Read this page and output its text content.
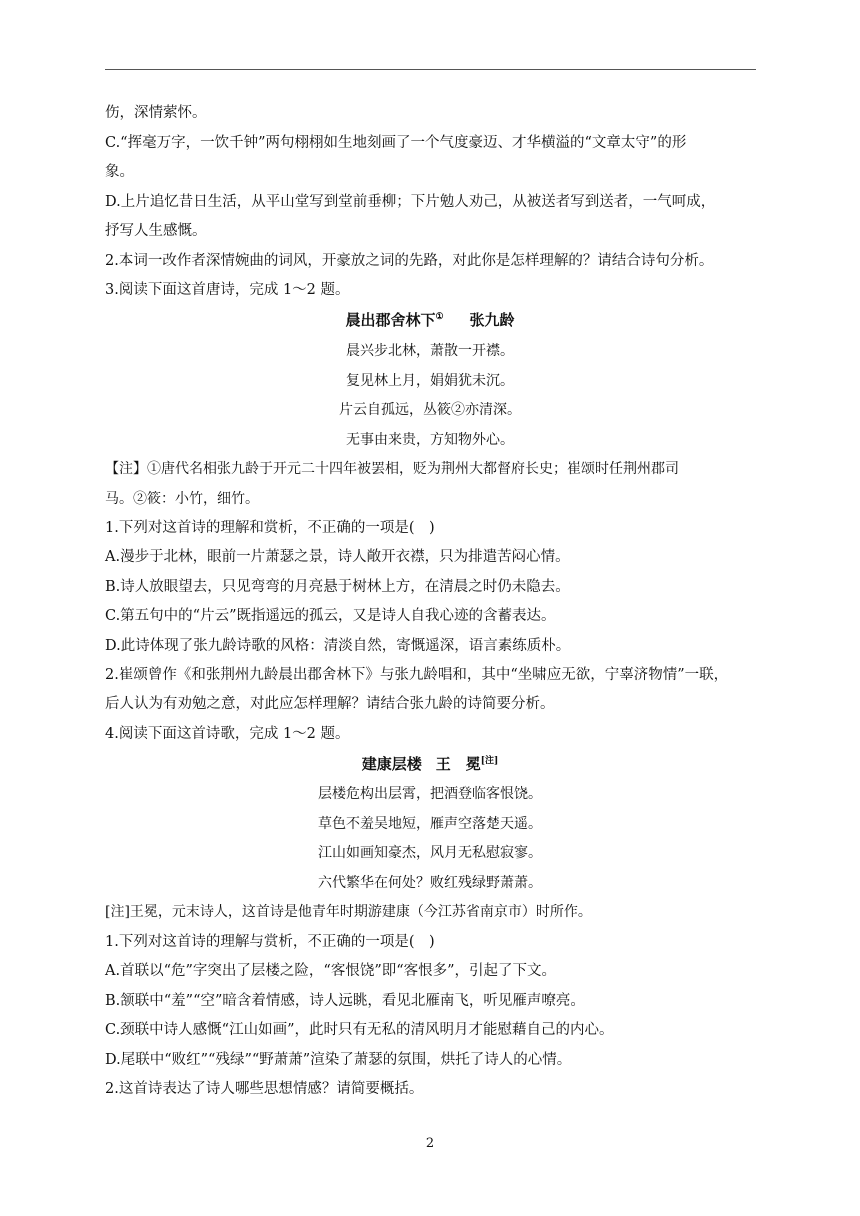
伤，深情萦怀。
C.“挥毫万字，一饮千钟”两句栩栩如生地刻画了一个气度豪迈、才华横溢的“文章太守”的形
象。
D.上片追忆昔日生活，从平山堂写到堂前垂柳；下片勉人劝己，从被送者写到送者，一气呵成，
抒写人生感慨。
2.本词一改作者深情婉曲的词风，开豪放之词的先路，对此你是怎样理解的？请结合诗句分析。
3.阅读下面这首唐诗，完成 1～2 题。
晨出郡舍林下① 张九龄
晨兴步北林，萧散一开襟。
复见林上月，娟娟犹未沉。
片云自孤远，丛筱②亦清深。
无事由来贵，方知物外心。
【注】①唐代名相张九龄于开元二十四年被罢相，贬为荆州大都督府长史；崔颂时任荆州郡司
马。②筱：小竹，细竹。
1.下列对这首诗的理解和赏析，不正确的一项是(　)
A.漫步于北林，眼前一片萧瑟之景，诗人敞开衣襟，只为排遣苦闷心情。
B.诗人放眼望去，只见弯弯的月亮悬于树林上方，在清晨之时仍未隐去。
C.第五句中的“片云”既指遥远的孤云，又是诗人自我心迹的含蓄表达。
D.此诗体现了张九龄诗歌的风格：清淡自然，寄慨遥深，语言素练质朴。
2.崔颂曾作《和张荆州九龄晨出郡舍林下》与张九龄唱和，其中“坐啸应无欲，宁辜济物情”一联，
后人认为有劝勉之意，对此应怎样理解？请结合张九龄的诗简要分析。
4.阅读下面这首诗歌，完成 1～2 题。
建康层楼 王　冕[注]
层楼危构出层霄，把酒登临客恨饶。
草色不羞吴地短，雁声空落楚天遥。
江山如画知豪杰，风月无私慰寂寥。
六代繁华在何处？败红残绿野萧萧。
[注]王冕，元末诗人，这首诗是他青年时期游建康（今江苏省南京市）时所作。
1.下列对这首诗的理解与赏析，不正确的一项是(　)
A.首联以“危”字突出了层楼之险，“客恨饶”即“客恨多”，引起了下文。
B.颔联中“羞”“空”暗含着情感，诗人远眺，看见北雁南飞，听见雁声嘹亮。
C.颈联中诗人感慨“江山如画”，此时只有无私的清风明月才能慰藉自己的内心。
D.尾联中“败红”“残绿”“野萧萧”渲染了萧瑟的氛围，烘托了诗人的心情。
2.这首诗表达了诗人哪些思想情感？请简要概括。
2
